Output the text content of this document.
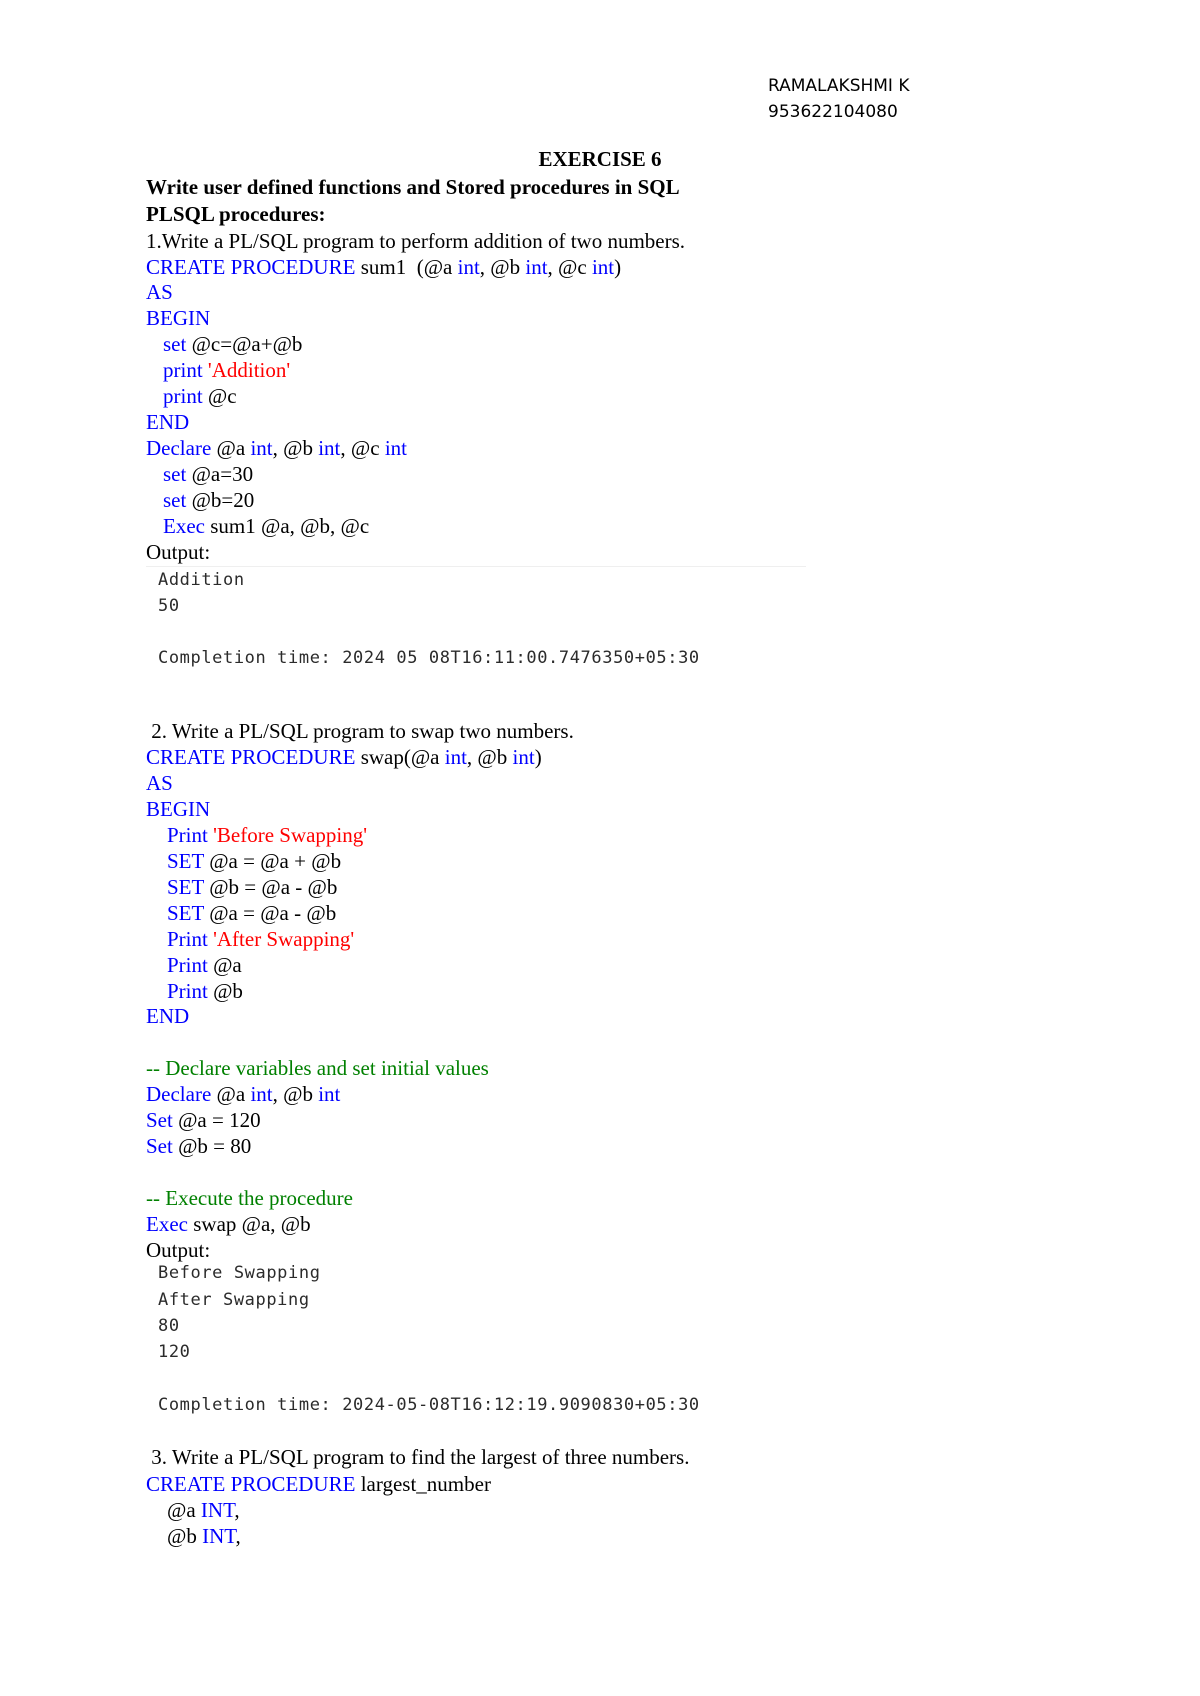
RAMALAKSHMI K
953622104080
EXERCISE 6
Write user defined functions and Stored procedures in SQL
PLSQL procedures:
1.Write a PL/SQL program to perform addition of two numbers.
CREATE PROCEDURE sum1  (@a int, @b int, @c int)
AS
BEGIN
set @c=@a+@b
print 'Addition'
print @c
END
Declare @a int, @b int, @c int
set @a=30
set @b=20
Exec sum1 @a, @b, @c
Output:
Addition
50
Completion time: 2024 05 08T16:11:00.7476350+05:30
2. Write a PL/SQL program to swap two numbers.
CREATE PROCEDURE swap(@a int, @b int)
AS
BEGIN
Print 'Before Swapping'
SET @a = @a + @b
SET @b = @a - @b
SET @a = @a - @b
Print 'After Swapping'
Print @a
Print @b
END
-- Declare variables and set initial values
Declare @a int, @b int
Set @a = 120
Set @b = 80
-- Execute the procedure
Exec swap @a, @b
Output:
Before Swapping
After Swapping
80
120
Completion time: 2024-05-08T16:12:19.9090830+05:30
3. Write a PL/SQL program to find the largest of three numbers.
CREATE PROCEDURE largest_number
@a INT,
@b INT,
